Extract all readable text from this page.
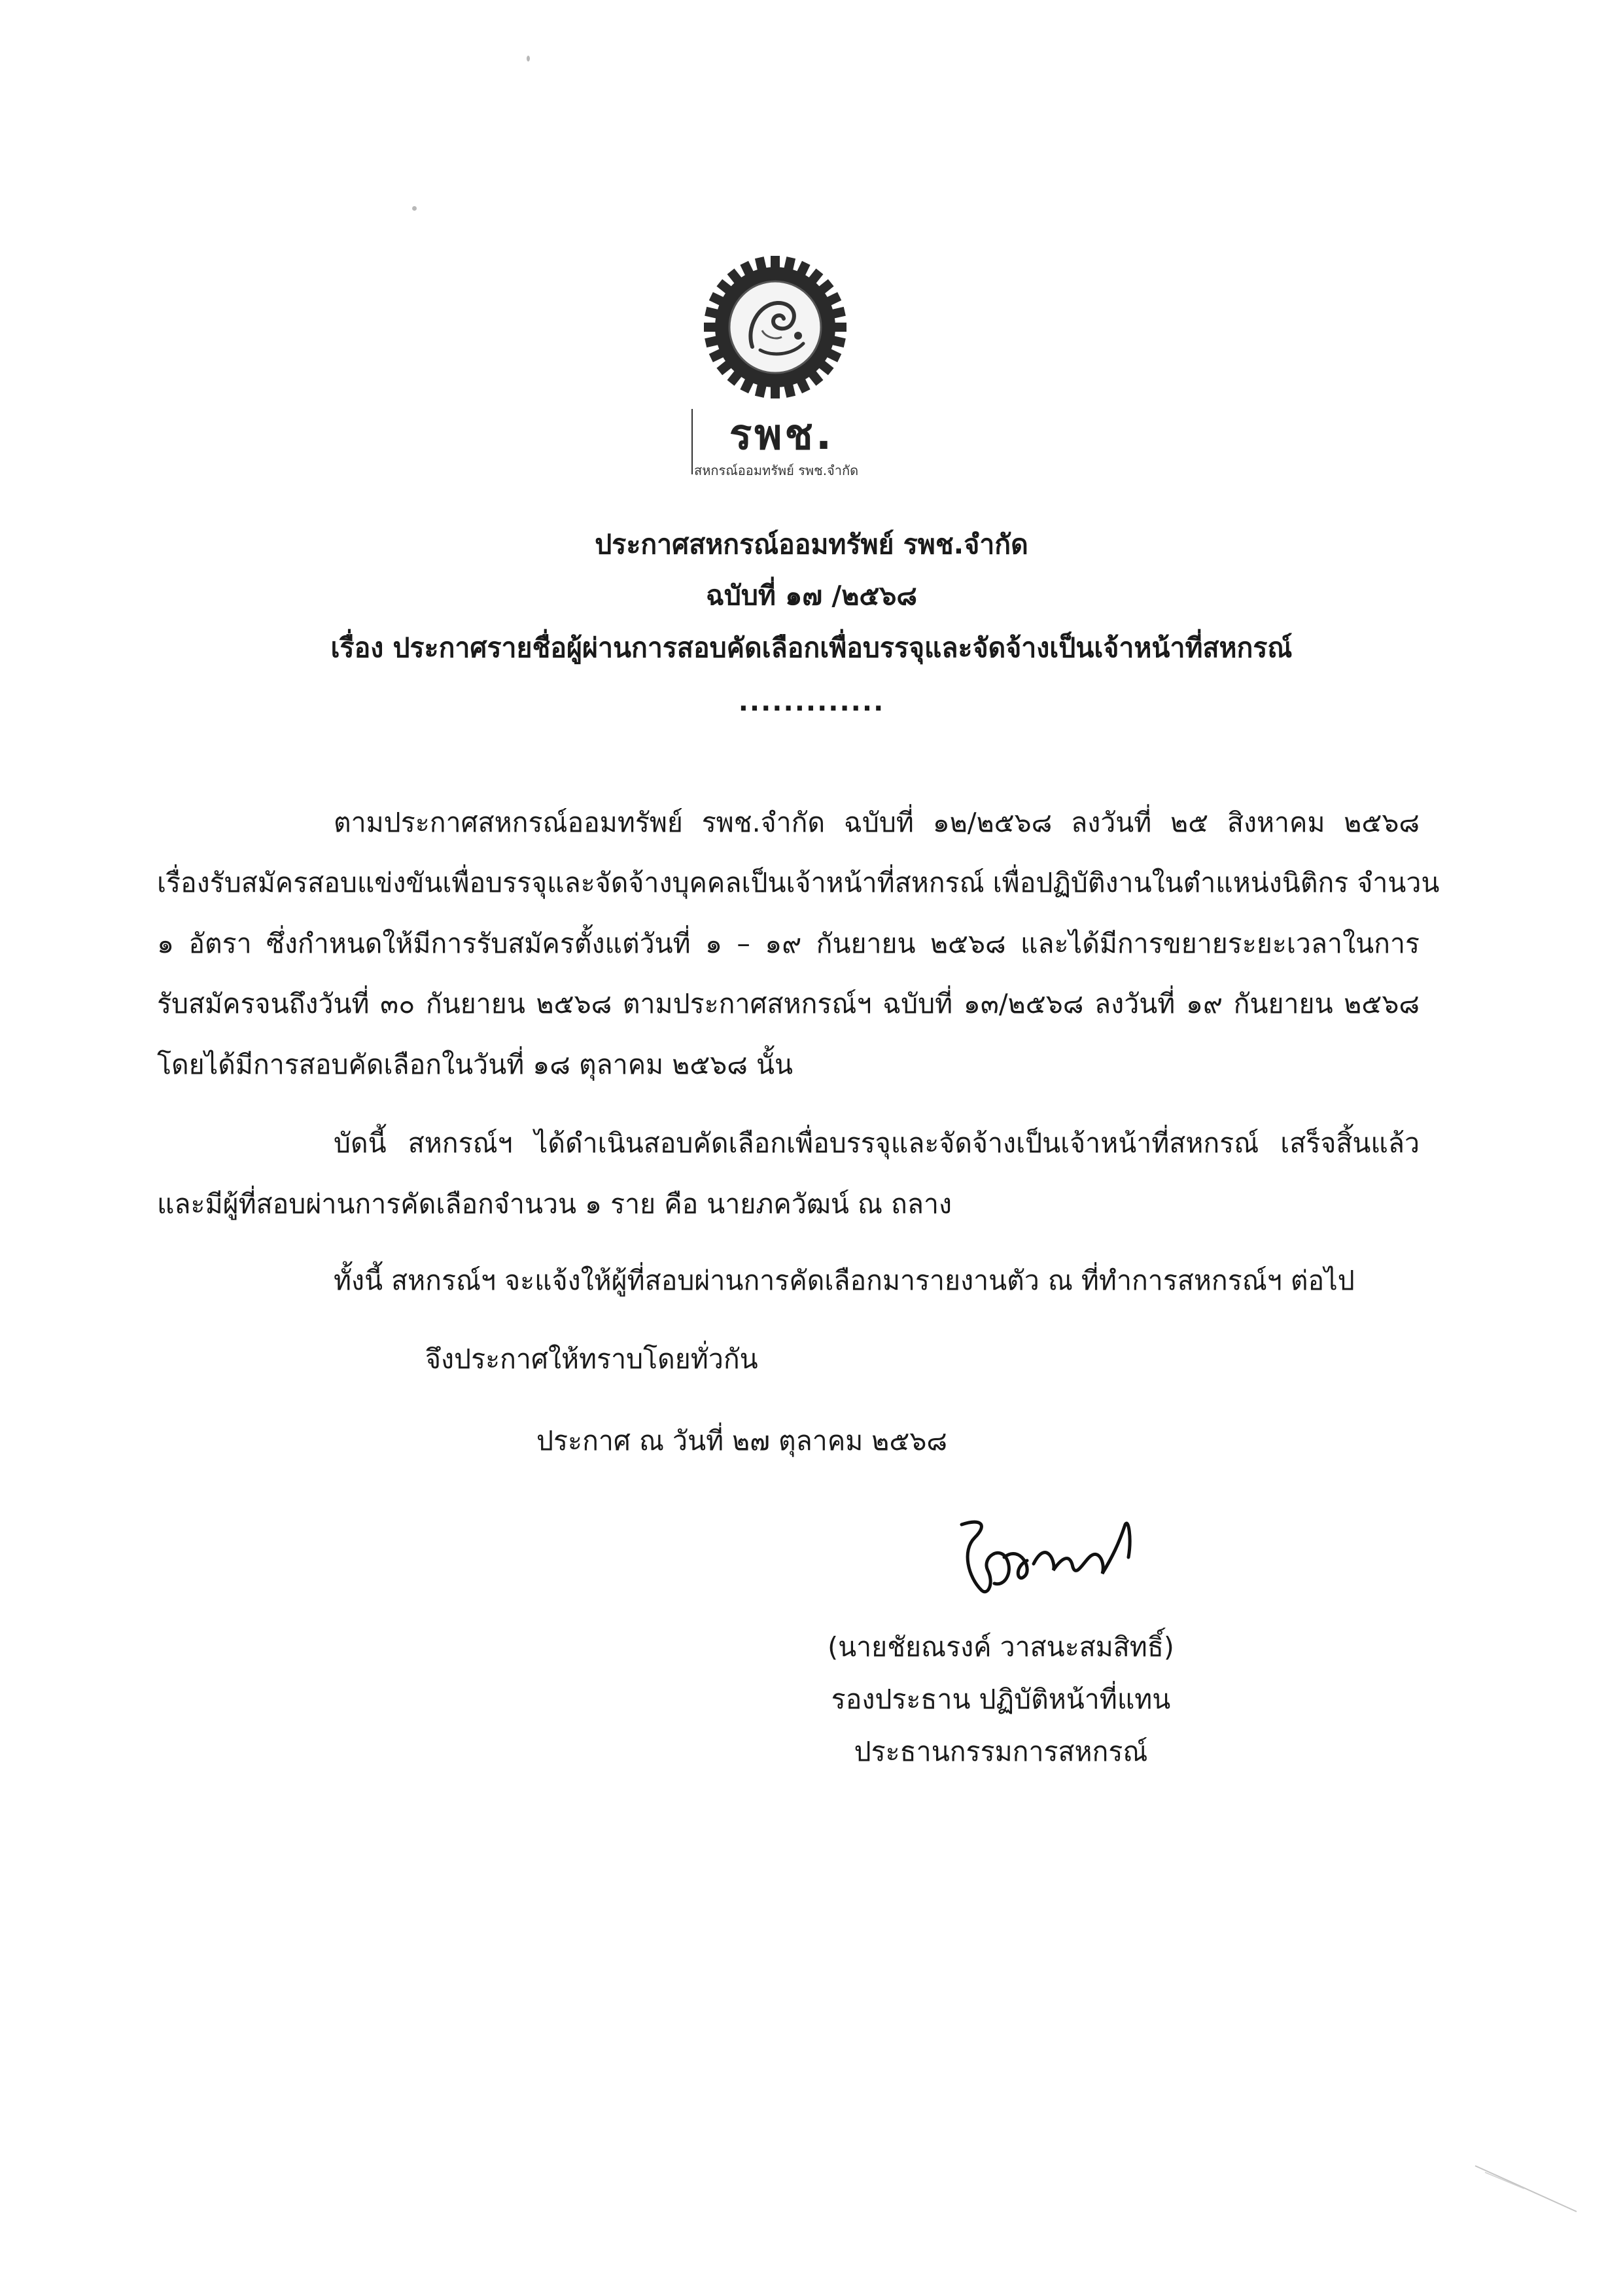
รพช.
สหกรณ์ออมทรัพย์ รพช.จำกัด
ประกาศสหกรณ์ออมทรัพย์ รพช.จำกัด
ฉบับที่ ๑๗ /๒๕๖๘
เรื่อง ประกาศรายชื่อผู้ผ่านการสอบคัดเลือกเพื่อบรรจุและจัดจ้างเป็นเจ้าหน้าที่สหกรณ์
.............
ตามประกาศสหกรณ์ออมทรัพย์ รพช.จำกัด ฉบับที่ ๑๒/๒๕๖๘ ลงวันที่ ๒๕ สิงหาคม ๒๕๖๘
เรื่องรับสมัครสอบแข่งขันเพื่อบรรจุและจัดจ้างบุคคลเป็นเจ้าหน้าที่สหกรณ์ เพื่อปฏิบัติงานในตำแหน่งนิติกร จำนวน
๑ อัตรา ซึ่งกำหนดให้มีการรับสมัครตั้งแต่วันที่ ๑ – ๑๙ กันยายน ๒๕๖๘ และได้มีการขยายระยะเวลาในการ
รับสมัครจนถึงวันที่ ๓๐ กันยายน ๒๕๖๘ ตามประกาศสหกรณ์ฯ ฉบับที่ ๑๓/๒๕๖๘ ลงวันที่ ๑๙ กันยายน ๒๕๖๘
โดยได้มีการสอบคัดเลือกในวันที่ ๑๘ ตุลาคม ๒๕๖๘ นั้น
บัดนี้ สหกรณ์ฯ ได้ดำเนินสอบคัดเลือกเพื่อบรรจุและจัดจ้างเป็นเจ้าหน้าที่สหกรณ์ เสร็จสิ้นแล้ว
และมีผู้ที่สอบผ่านการคัดเลือกจำนวน ๑ ราย คือ นายภควัฒน์ ณ ถลาง
ทั้งนี้ สหกรณ์ฯ จะแจ้งให้ผู้ที่สอบผ่านการคัดเลือกมารายงานตัว ณ ที่ทำการสหกรณ์ฯ ต่อไป
จึงประกาศให้ทราบโดยทั่วกัน
ประกาศ ณ วันที่ ๒๗ ตุลาคม ๒๕๖๘
(นายชัยณรงค์ วาสนะสมสิทธิ์)
รองประธาน ปฏิบัติหน้าที่แทน
ประธานกรรมการสหกรณ์
